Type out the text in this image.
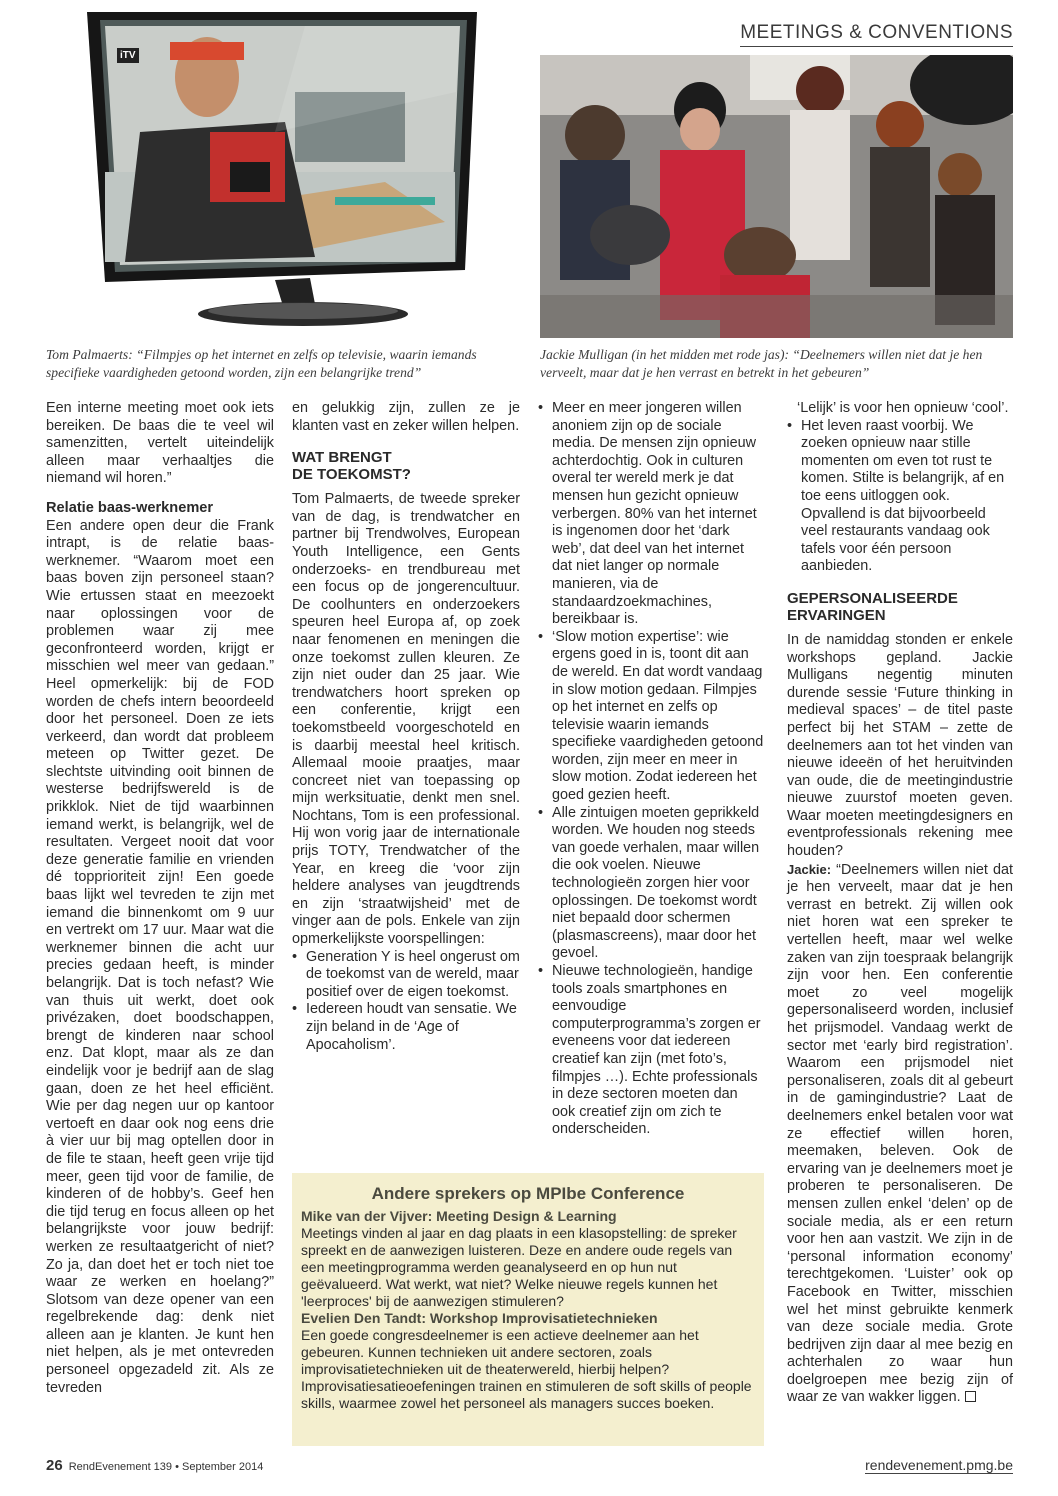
MEETINGS & CONVENTIONS
iTV
Tom Palmaerts: “Filmpjes op het internet en zelfs op televisie, waarin iemands specifieke vaardigheden getoond worden, zijn een belangrijke trend”
Jackie Mulligan (in het midden met rode jas): “Deelnemers willen niet dat je hen verveelt, maar dat je hen verrast en betrekt in het gebeuren”

Een interne meeting moet ook iets bereiken. De baas die te veel wil samenzitten, vertelt uiteindelijk alleen maar verhaaltjes die niemand wil horen.”

Relatie baas-werknemer

Een andere open deur die Frank intrapt, is de relatie baas-werknemer. “Waarom moet een baas boven zijn personeel staan? Wie ertussen staat en meezoekt naar oplossingen voor de problemen waar zij mee geconfronteerd worden, krijgt er misschien wel meer van gedaan.” Heel opmerkelijk: bij de FOD worden de chefs intern beoordeeld door het personeel. Doen ze iets verkeerd, dan wordt dat probleem meteen op Twitter gezet. De slechtste uitvinding ooit binnen de westerse bedrijfswereld is de prikklok. Niet de tijd waarbinnen iemand werkt, is belangrijk, wel de resultaten. Vergeet nooit dat voor deze generatie familie en vrienden dé topprioriteit zijn! Een goede baas lijkt wel tevreden te zijn met iemand die binnenkomt om 9 uur en vertrekt om 17 uur. Maar wat die werknemer binnen die acht uur precies gedaan heeft, is minder belangrijk. Dat is toch nefast? Wie van thuis uit werkt, doet ook privézaken, doet boodschappen, brengt de kinderen naar school enz. Dat klopt, maar als ze dan eindelijk voor je bedrijf aan de slag gaan, doen ze het heel efficiënt. Wie per dag negen uur op kantoor vertoeft en daar ook nog eens drie à vier uur bij mag optellen door in de file te staan, heeft geen vrije tijd meer, geen tijd voor de familie, de kinderen of de hobby’s. Geef hen die tijd terug en focus alleen op het belangrijkste voor jouw bedrijf: werken ze resultaatgericht of niet? Zo ja, dan doet het er toch niet toe waar ze werken en hoelang?” Slotsom van deze opener van een regelbrekende dag: denk niet alleen aan je klanten. Je kunt hen niet helpen, als je met ontevreden personeel opgezadeld zit. Als ze tevreden

en gelukkig zijn, zullen ze je klanten vast en zeker willen helpen.

WAT BRENGT
DE TOEKOMST?

Tom Palmaerts, de tweede spreker van de dag, is trendwatcher en partner bij Trendwolves, European Youth Intelligence, een Gents onderzoeks- en trendbureau met een focus op de jongerencultuur. De coolhunters en onderzoekers speuren heel Europa af, op zoek naar fenomenen en meningen die onze toekomst zullen kleuren. Ze zijn niet ouder dan 25 jaar. Wie trendwatchers hoort spreken op een conferentie, krijgt een toekomstbeeld voorgeschoteld en is daarbij meestal heel kritisch. Allemaal mooie praatjes, maar concreet niet van toepassing op mijn werksituatie, denkt men snel. Nochtans, Tom is een professional. Hij won vorig jaar de internationale prijs TOTY, Trendwatcher of the Year, en kreeg die ‘voor zijn heldere analyses van jeugdtrends en zijn ‘straatwijsheid’ met de vinger aan de pols. Enkele van zijn opmerkelijkste voorspellingen:

• Generation Y is heel ongerust om de toekomst van de wereld, maar positief over de eigen toekomst.

• Iedereen houdt van sensatie. We zijn beland in de ‘Age of Apocaholism’.

• Meer en meer jongeren willen anoniem zijn op de sociale media. De mensen zijn opnieuw achterdochtig. Ook in culturen overal ter wereld merk je dat mensen hun gezicht opnieuw verbergen. 80% van het internet is ingenomen door het ‘dark web’, dat deel van het internet dat niet langer op normale manieren, via de standaardzoekmachines, bereikbaar is.

• ‘Slow motion expertise’: wie ergens goed in is, toont dit aan de wereld. En dat wordt vandaag in slow motion gedaan. Filmpjes op het internet en zelfs op televisie waarin iemands specifieke vaardigheden getoond worden, zijn meer en meer in slow motion. Zodat iedereen het goed gezien heeft.

• Alle zintuigen moeten geprikkeld worden. We houden nog steeds van goede verhalen, maar willen die ook voelen. Nieuwe technologieën zorgen hier voor oplossingen. De toekomst wordt niet bepaald door schermen (plasmascreens), maar door het gevoel.

• Nieuwe technologieën, handige tools zoals smartphones en eenvoudige computerprogramma’s zorgen er eveneens voor dat iedereen creatief kan zijn (met foto’s, filmpjes …). Echte professionals in deze sectoren moeten dan ook creatief zijn om zich te onderscheiden.

‘Lelijk’ is voor hen opnieuw ‘cool’.

• Het leven raast voorbij. We zoeken opnieuw naar stille momenten om even tot rust te komen. Stilte is belangrijk, af en toe eens uitloggen ook. Opvallend is dat bijvoorbeeld veel restaurants vandaag ook tafels voor één persoon aanbieden.

GEPERSONALISEERDE
ERVARINGEN

In de namiddag stonden er enkele workshops gepland. Jackie Mulligans negentig minuten durende sessie ‘Future thinking in medieval spaces’ – de titel paste perfect bij het STAM – zette de deelnemers aan tot het vinden van nieuwe ideeën of het heruitvinden van oude, die de meetingindustrie nieuwe zuurstof moeten geven. Waar moeten meetingdesigners en eventprofessionals rekening mee houden?

Jackie: “Deelnemers willen niet dat je hen verveelt, maar dat je hen verrast en betrekt. Zij willen ook niet horen wat een spreker te vertellen heeft, maar wel welke zaken van zijn toespraak belangrijk zijn voor hen. Een conferentie moet zo veel mogelijk gepersonaliseerd worden, inclusief het prijsmodel. Vandaag werkt de sector met ‘early bird registration’. Waarom een prijsmodel niet personaliseren, zoals dit al gebeurt in de gamingindustrie? Laat de deelnemers enkel betalen voor wat ze effectief willen horen, meemaken, beleven. Ook de ervaring van je deelnemers moet je proberen te personaliseren. De mensen zullen enkel ‘delen’ op de sociale media, als er een return voor hen aan vastzit. We zijn in de ‘personal information economy’ terechtgekomen. ‘Luister’ ook op Facebook en Twitter, misschien wel het minst gebruikte kenmerk van deze sociale media. Grote bedrijven zijn daar al mee bezig en achterhalen zo waar hun doelgroepen mee bezig zijn of waar ze van wakker liggen.

Andere sprekers op MPIbe Conference
Mike van der Vijver: Meeting Design & Learning

Meetings vinden al jaar en dag plaats in een klasopstelling: de spreker spreekt en de aanwezigen luisteren. Deze en andere oude regels van een meetingprogramma werden geanalyseerd en op hun nut geëvalueerd. Wat werkt, wat niet? Welke nieuwe regels kunnen het 'leerproces' bij de aanwezigen stimuleren?

Evelien Den Tandt: Workshop Improvisatietechnieken

Een goede congresdeelnemer is een actieve deelnemer aan het gebeuren. Kunnen technieken uit andere sectoren, zoals improvisatietechnieken uit de theaterwereld, hierbij helpen? Improvisatiesatieoefeningen trainen en stimuleren de soft skills of people skills, waarmee zowel het personeel als managers succes boeken.

26 RendEvenement 139 • September 2014	rendevenement.pmg.be
